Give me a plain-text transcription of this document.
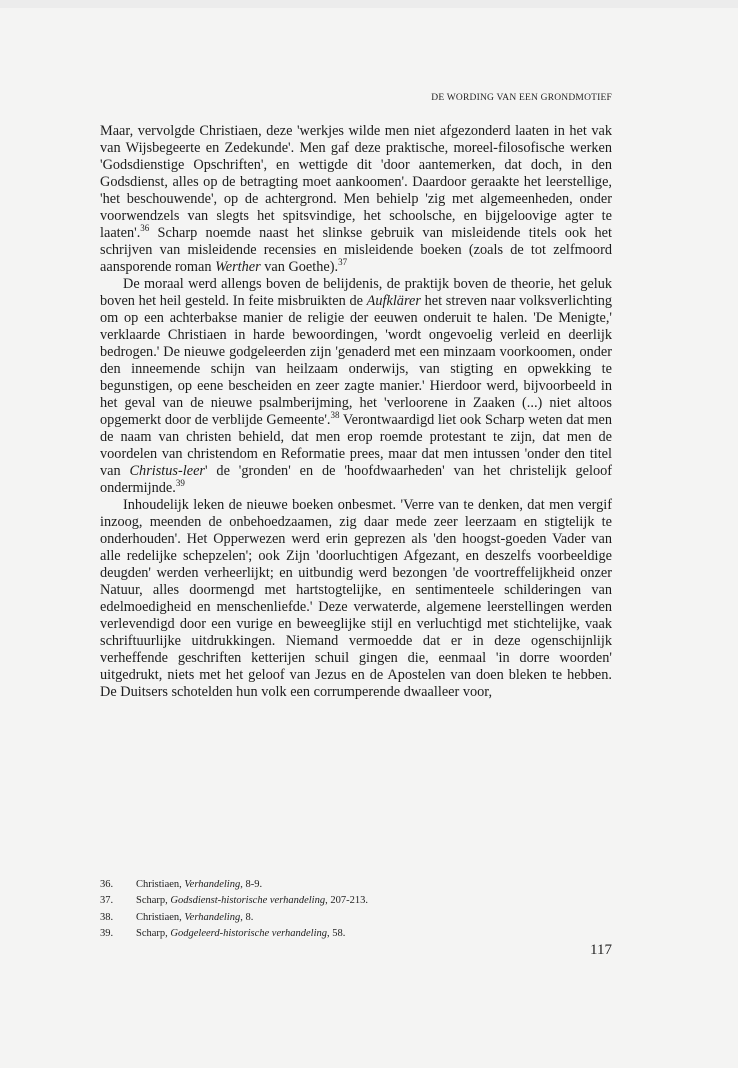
DE WORDING VAN EEN GRONDMOTIEF

Maar, vervolgde Christiaen, deze 'werkjes wilde men niet afgezonderd laaten in het vak van Wijsbegeerte en Zedekunde'. Men gaf deze praktische, moreel-filosofische werken 'Godsdienstige Opschriften', en wettigde dit 'door aantemerken, dat doch, in den Godsdienst, alles op de betragting moet aankoomen'. Daardoor geraakte het leerstellige, 'het beschouwende', op de achtergrond. Men behielp 'zig met algemeenheden, onder voorwendzels van slegts het spitsvindige, het schoolsche, en bijgeloovige agter te laaten'.$^{36}$ Scharp noemde naast het slinkse gebruik van misleidende titels ook het schrijven van misleidende recensies en misleidende boeken (zoals de tot zelfmoord aansporende roman Werther van Goethe).$^{37}$

De moraal werd allengs boven de belijdenis, de praktijk boven de theorie, het geluk boven het heil gesteld. In feite misbruikten de Aufklärer het streven naar volksverlichting om op een achterbakse manier de religie der eeuwen onderuit te halen. 'De Menigte,' verklaarde Christiaen in harde bewoordingen, 'wordt ongevoelig verleid en deerlijk bedrogen.' De nieuwe godgeleerden zijn 'genaderd met een minzaam voorkoomen, onder den inneemende schijn van heilzaam onderwijs, van stigting en opwekking te begunstigen, op eene bescheiden en zeer zagte manier.' Hierdoor werd, bijvoorbeeld in het geval van de nieuwe psalmberijming, het 'verloorene in Zaaken (...) niet altoos opgemerkt door de verblijde Gemeente'.$^{38}$ Verontwaardigd liet ook Scharp weten dat men de naam van christen behield, dat men erop roemde protestant te zijn, dat men de voordelen van christendom en Reformatie prees, maar dat men intussen 'onder den titel van Christus-leer' de 'gronden' en de 'hoofdwaarheden' van het christelijk geloof ondermijnde.$^{39}$

Inhoudelijk leken de nieuwe boeken onbesmet. 'Verre van te denken, dat men vergif inzoog, meenden de onbehoedzaamen, zig daar mede zeer leerzaam en stigtelijk te onderhouden'. Het Opperwezen werd erin geprezen als 'den hoogst-goeden Vader van alle redelijke schepzelen'; ook Zijn 'doorluchtigen Afgezant, en deszelfs voorbeeldige deugden' werden verheerlijkt; en uitbundig werd bezongen 'de voortreffelijkheid onzer Natuur, alles doormengd met hartstogtelijke, en sentimenteele schilderingen van edelmoedigheid en menschenliefde.' Deze verwaterde, algemene leerstellingen werden verlevendigd door een vurige en beweeglijke stijl en verluchtigd met stichtelijke, vaak schriftuurlijke uitdrukkingen. Niemand vermoedde dat er in deze ogenschijnlijk verheffende geschriften ketterijen schuil gingen die, eenmaal 'in dorre woorden' uitgedrukt, niets met het geloof van Jezus en de Apostelen van doen bleken te hebben. De Duitsers schotelden hun volk een corrumperende dwaalleer voor,

36. Christiaen, Verhandeling, 8-9.
37. Scharp, Godsdienst-historische verhandeling, 207-213.
38. Christiaen, Verhandeling, 8.
39. Scharp, Godgeleerd-historische verhandeling, 58.
117
